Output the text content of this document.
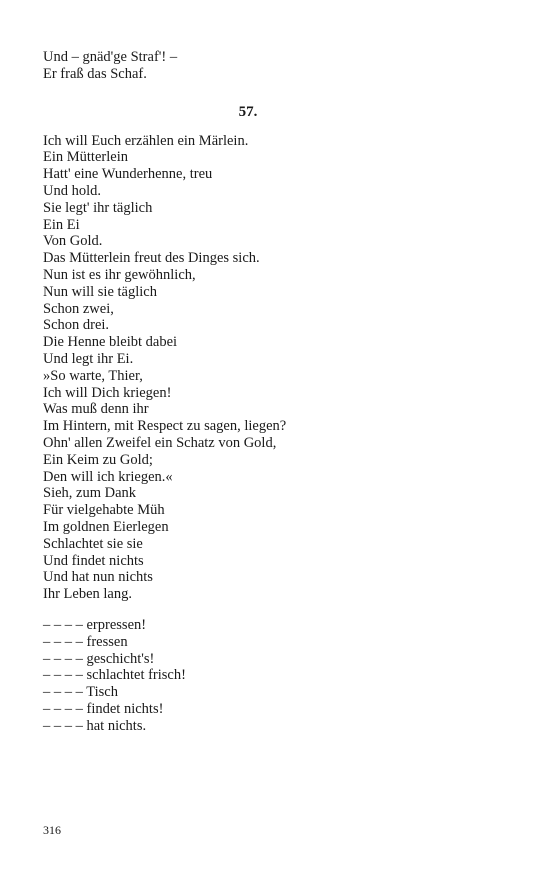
Und – gnäd'ge Straf'! –
Er fraß das Schaf.
57.
Ich will Euch erzählen ein Märlein.
Ein Mütterlein
Hatt' eine Wunderhenne, treu
Und hold.
Sie legt' ihr täglich
Ein Ei
Von Gold.
Das Mütterlein freut des Dinges sich.
Nun ist es ihr gewöhnlich,
Nun will sie täglich
Schon zwei,
Schon drei.
Die Henne bleibt dabei
Und legt ihr Ei.
»So warte, Thier,
Ich will Dich kriegen!
Was muß denn ihr
Im Hintern, mit Respect zu sagen, liegen?
Ohn' allen Zweifel ein Schatz von Gold,
Ein Keim zu Gold;
Den will ich kriegen.«
Sieh, zum Dank
Für vielgehabte Müh
Im goldnen Eierlegen
Schlachtet sie sie
Und findet nichts
Und hat nun nichts
Ihr Leben lang.
– – – – erpressen!
– – – – fressen
– – – – geschicht's!
– – – – schlachtet frisch!
– – – – Tisch
– – – – findet nichts!
– – – – hat nichts.
316
